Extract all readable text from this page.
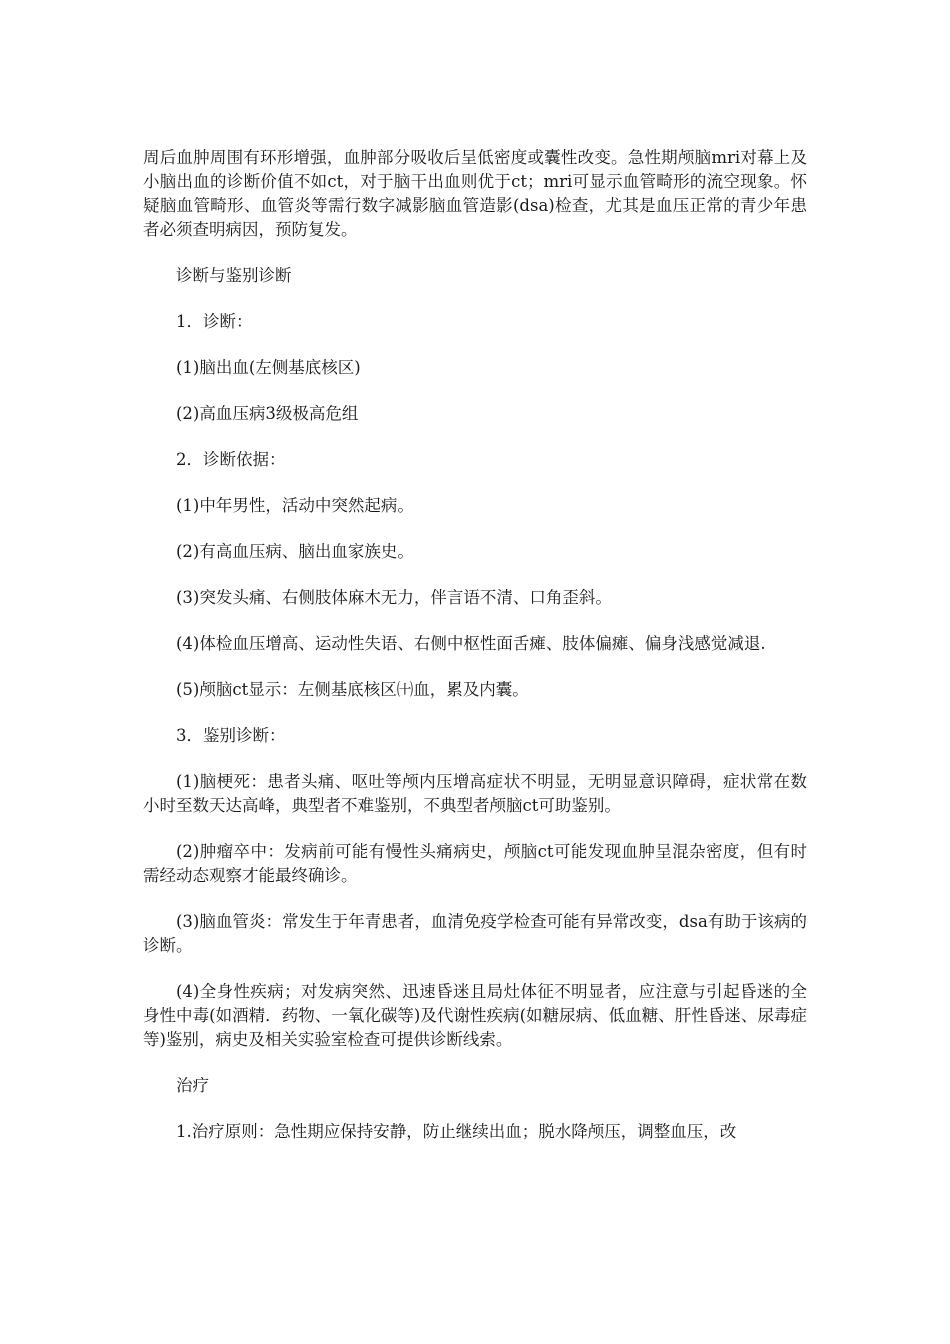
周后血肿周围有环形增强，血肿部分吸收后呈低密度或囊性改变。急性期颅脑mri对幕上及小脑出血的诊断价值不如ct，对于脑干出血则优于ct；mri可显示血管畸形的流空现象。怀疑脑血管畸形、血管炎等需行数字减影脑血管造影(dsa)检查，尤其是血压正常的青少年患者必须查明病因，预防复发。

诊断与鉴别诊断

1．诊断：

(1)脑出血(左侧基底核区)

(2)高血压病3级极高危组

2．诊断依据：

(1)中年男性，活动中突然起病。

(2)有高血压病、脑出血家族史。

(3)突发头痛、右侧肢体麻木无力，伴言语不清、口角歪斜。

(4)体检血压增高、运动性失语、右侧中枢性面舌瘫、肢体偏瘫、偏身浅感觉减退.

(5)颅脑ct显示：左侧基底核区㈩血，累及内囊。

3．鉴别诊断：

(1)脑梗死：患者头痛、呕吐等颅内压增高症状不明显，无明显意识障碍，症状常在数小时至数天达高峰，典型者不难鉴别，不典型者颅脑ct可助鉴别。

(2)肿瘤卒中：发病前可能有慢性头痛病史，颅脑ct可能发现血肿呈混杂密度，但有时需经动态观察才能最终确诊。

(3)脑血管炎：常发生于年青患者，血清免疫学检查可能有异常改变，dsa有助于该病的诊断。

(4)全身性疾病；对发病突然、迅速昏迷且局灶体征不明显者，应注意与引起昏迷的全身性中毒(如酒精．药物、一氧化碳等)及代谢性疾病(如糖尿病、低血糖、肝性昏迷、尿毒症等)鉴别，病史及相关实验室检查可提供诊断线索。

治疗

1.治疗原则：急性期应保持安静，防止继续出血；脱水降颅压，调整血压，改
